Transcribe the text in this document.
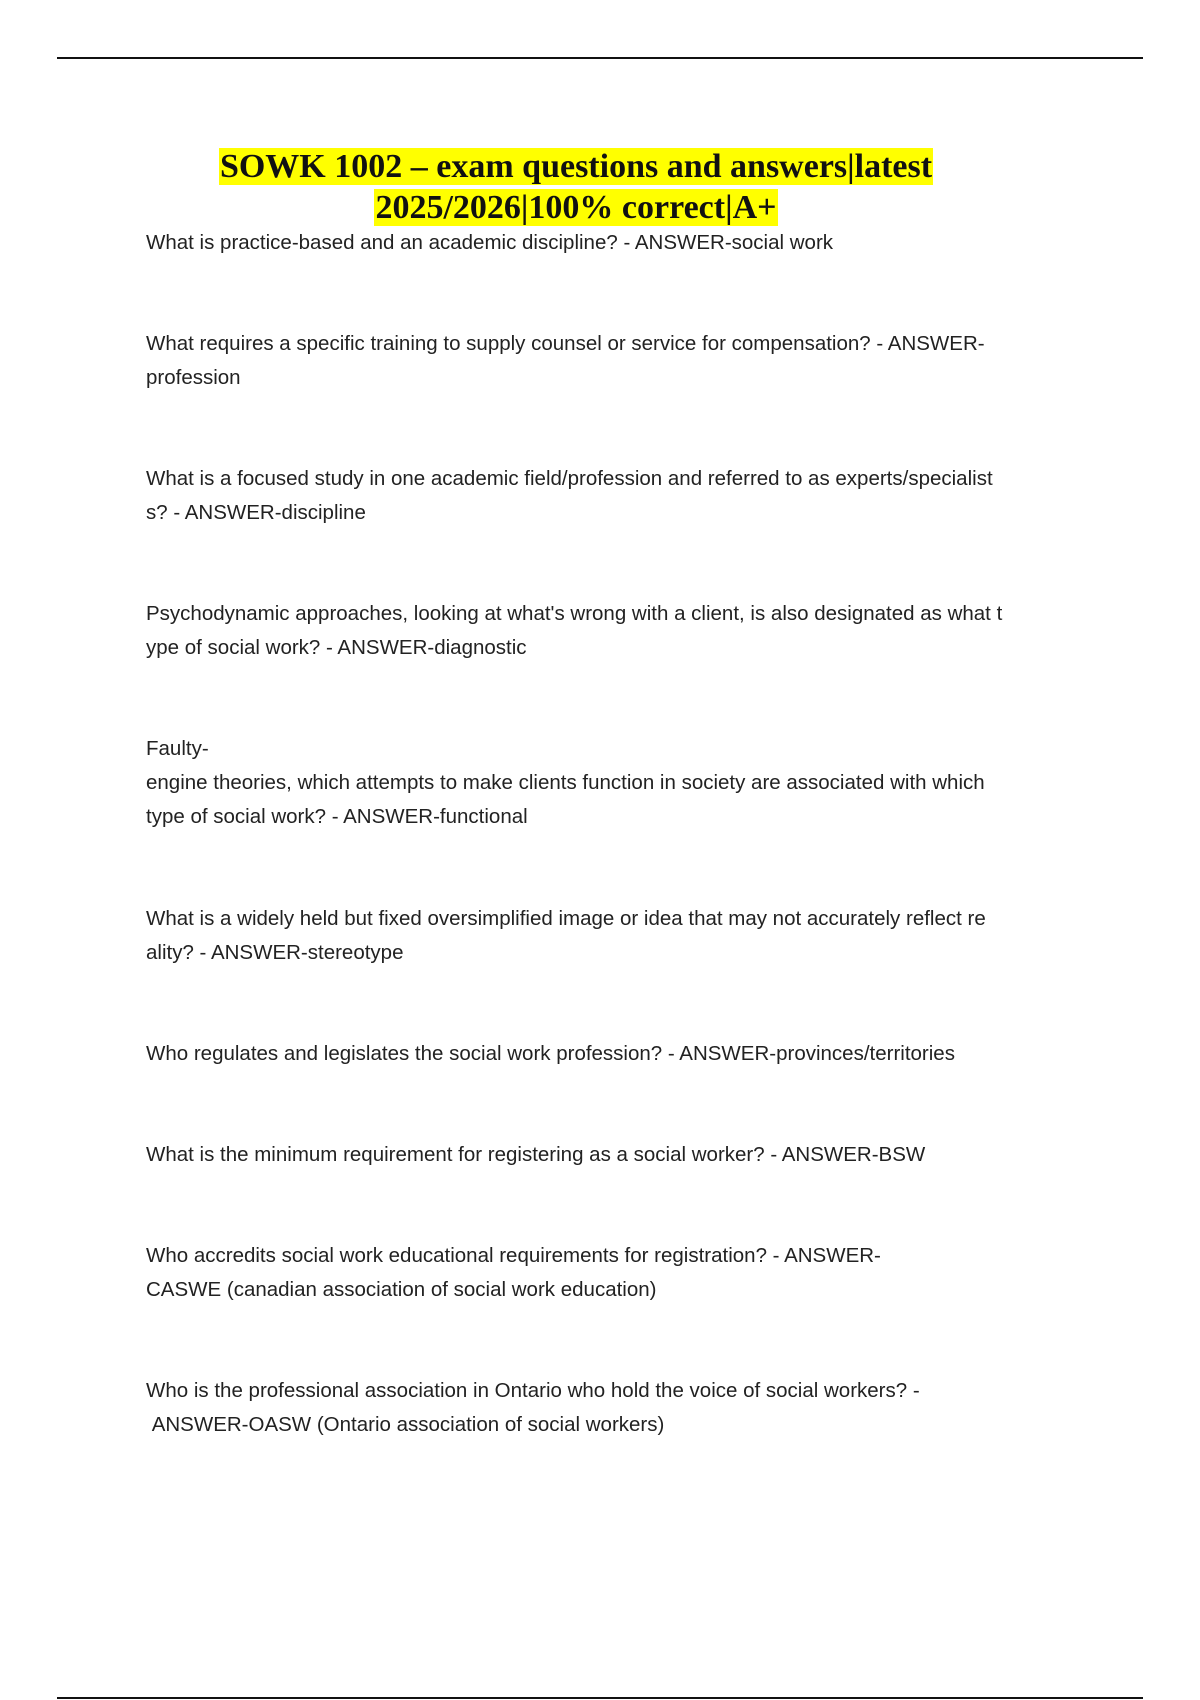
SOWK 1002 – exam questions and answers|latest
2025/2026|100% correct|A+

What is practice-based and an academic discipline? - ANSWER-social work

What requires a specific training to supply counsel or service for compensation? - ANSWER-
profession

What is a focused study in one academic field/profession and referred to as experts/specialist
s? - ANSWER-discipline

Psychodynamic approaches, looking at what's wrong with a client, is also designated as what t
ype of social work? - ANSWER-diagnostic

Faulty-
engine theories, which attempts to make clients function in society are associated with which
type of social work? - ANSWER-functional

What is a widely held but fixed oversimplified image or idea that may not accurately reflect re
ality? - ANSWER-stereotype

Who regulates and legislates the social work profession? - ANSWER-provinces/territories

What is the minimum requirement for registering as a social worker? - ANSWER-BSW

Who accredits social work educational requirements for registration? - ANSWER-
CASWE (canadian association of social work education)

Who is the professional association in Ontario who hold the voice of social workers? -
ANSWER-OASW (Ontario association of social workers)
